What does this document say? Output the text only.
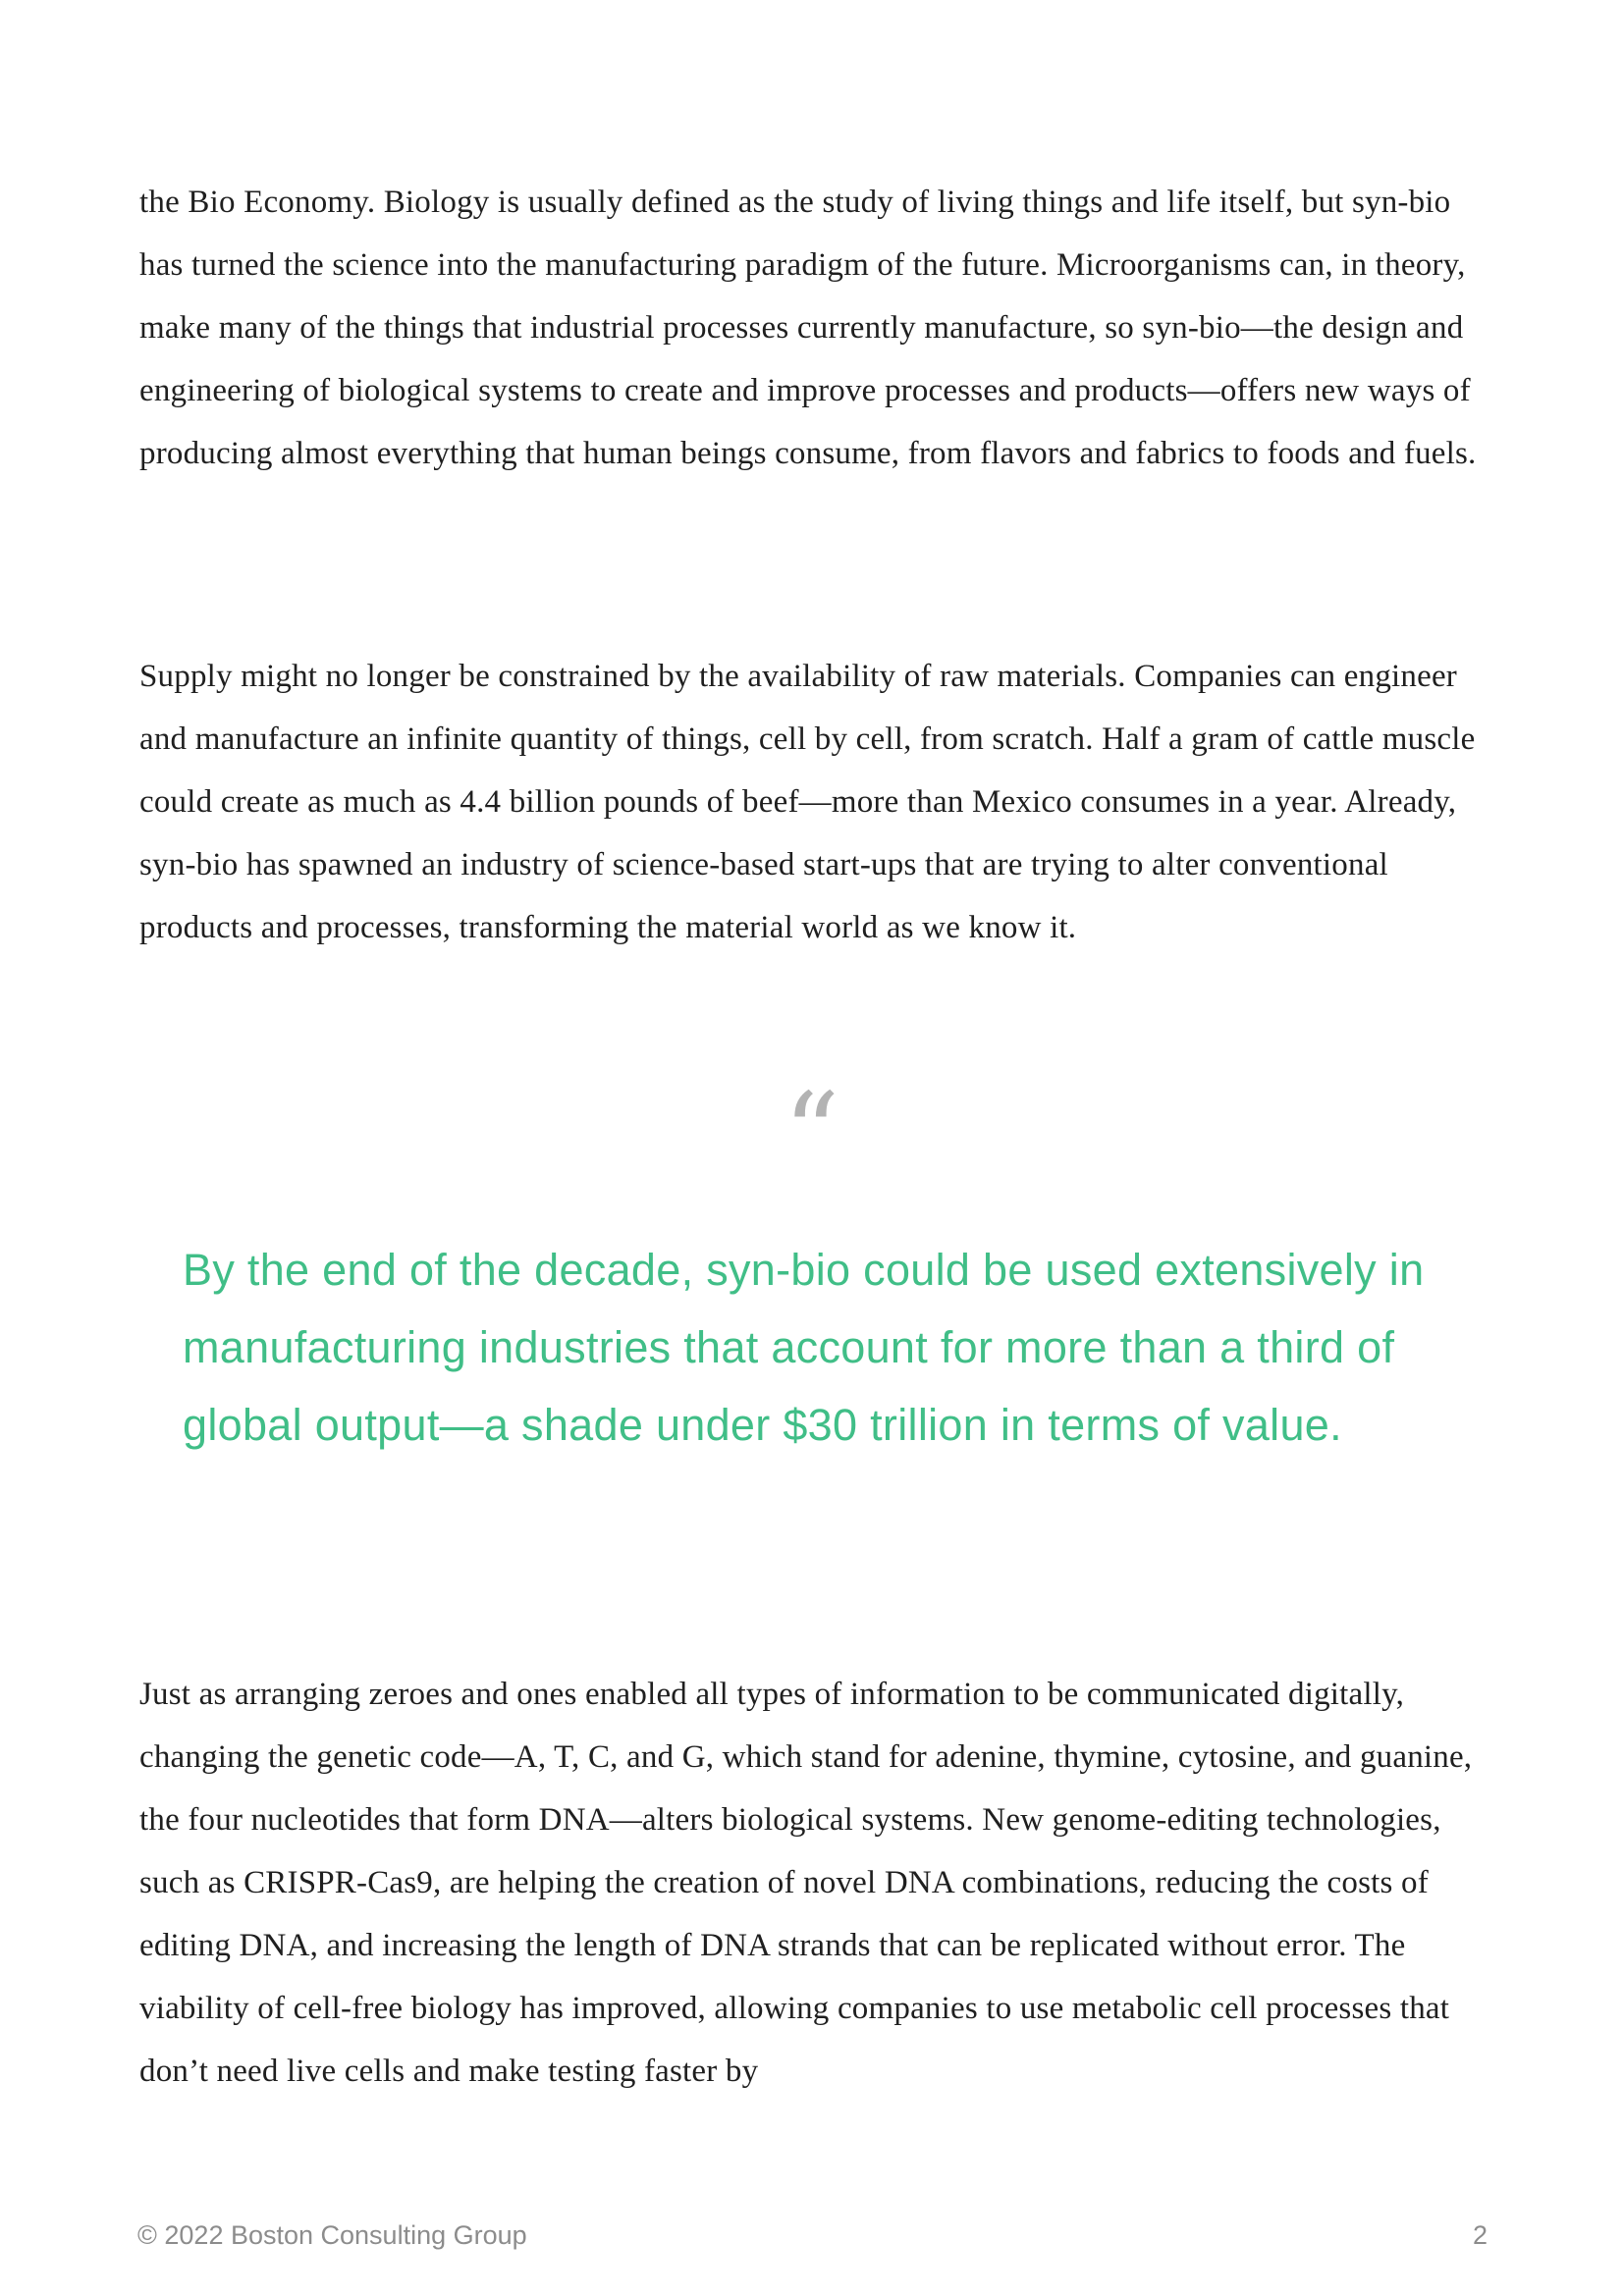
the Bio Economy. Biology is usually defined as the study of living things and life itself, but syn-bio has turned the science into the manufacturing paradigm of the future. Microorganisms can, in theory, make many of the things that industrial processes currently manufacture, so syn-bio—the design and engineering of biological systems to create and improve processes and products—offers new ways of producing almost everything that human beings consume, from flavors and fabrics to foods and fuels.

Supply might no longer be constrained by the availability of raw materials. Companies can engineer and manufacture an infinite quantity of things, cell by cell, from scratch. Half a gram of cattle muscle could create as much as 4.4 billion pounds of beef—more than Mexico consumes in a year. Already, syn-bio has spawned an industry of science-based start-ups that are trying to alter conventional products and processes, transforming the material world as we know it.

“

By the end of the decade, syn-bio could be used extensively in manufacturing industries that account for more than a third of global output—a shade under $30 trillion in terms of value.

Just as arranging zeroes and ones enabled all types of information to be communicated digitally, changing the genetic code—A, T, C, and G, which stand for adenine, thymine, cytosine, and guanine, the four nucleotides that form DNA—alters biological systems. New genome-editing technologies, such as CRISPR-Cas9, are helping the creation of novel DNA combinations, reducing the costs of editing DNA, and increasing the length of DNA strands that can be replicated without error. The viability of cell-free biology has improved, allowing companies to use metabolic cell processes that don’t need live cells and make testing faster by

© 2022 Boston Consulting Group	2
